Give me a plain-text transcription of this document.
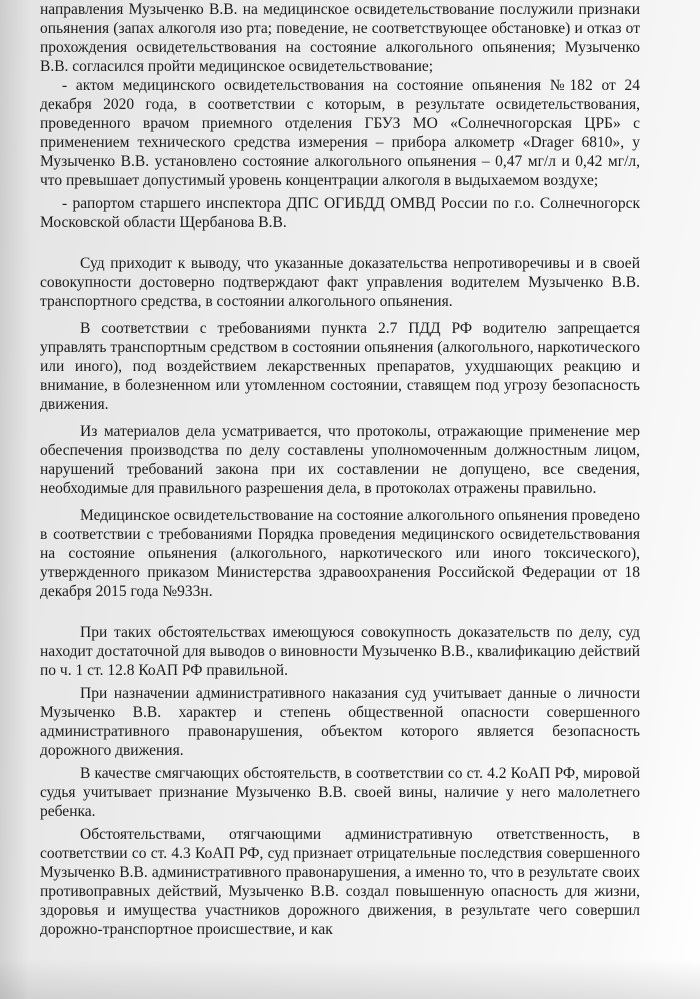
направления Музыченко В.В. на медицинское освидетельствование послужили признаки опьянения (запах алкоголя изо рта; поведение, не соответствующее обстановке) и отказ от прохождения освидетельствования на состояние алкогольного опьянения; Музыченко В.В. согласился пройти медицинское освидетельствование;

- актом медицинского освидетельствования на состояние опьянения №182 от 24 декабря 2020 года, в соответствии с которым, в результате освидетельствования, проведенного врачом приемного отделения ГБУЗ МО «Солнечногорская ЦРБ» с применением технического средства измерения – прибора алкометр «Drager 6810», у Музыченко В.В. установлено состояние алкогольного опьянения – 0,47 мг/л и 0,42 мг/л, что превышает допустимый уровень концентрации алкоголя в выдыхаемом воздухе;

- рапортом старшего инспектора ДПС ОГИБДД ОМВД России по г.о. Солнечногорск Московской области Щербанова В.В.

Суд приходит к выводу, что указанные доказательства непротиворечивы и в своей совокупности достоверно подтверждают факт управления водителем Музыченко В.В. транспортного средства, в состоянии алкогольного опьянения.

В соответствии с требованиями пункта 2.7 ПДД РФ водителю запрещается управлять транспортным средством в состоянии опьянения (алкогольного, наркотического или иного), под воздействием лекарственных препаратов, ухудшающих реакцию и внимание, в болезненном или утомленном состоянии, ставящем под угрозу безопасность движения.

Из материалов дела усматривается, что протоколы, отражающие применение мер обеспечения производства по делу составлены уполномоченным должностным лицом, нарушений требований закона при их составлении не допущено, все сведения, необходимые для правильного разрешения дела, в протоколах отражены правильно.

Медицинское освидетельствование на состояние алкогольного опьянения проведено в соответствии с требованиями Порядка проведения медицинского освидетельствования на состояние опьянения (алкогольного, наркотического или иного токсического), утвержденного приказом Министерства здравоохранения Российской Федерации от 18 декабря 2015 года №933н.

При таких обстоятельствах имеющуюся совокупность доказательств по делу, суд находит достаточной для выводов о виновности Музыченко В.В., квалификацию действий по ч. 1 ст. 12.8 КоАП РФ правильной.

При назначении административного наказания суд учитывает данные о личности Музыченко В.В. характер и степень общественной опасности совершенного административного правонарушения, объектом которого является безопасность дорожного движения.

В качестве смягчающих обстоятельств, в соответствии со ст. 4.2 КоАП РФ, мировой судья учитывает признание Музыченко В.В. своей вины, наличие у него малолетнего ребенка.

Обстоятельствами, отягчающими административную ответственность, в соответствии со ст. 4.3 КоАП РФ, суд признает отрицательные последствия совершенного Музыченко В.В. административного правонарушения, а именно то, что в результате своих противоправных действий, Музыченко В.В. создал повышенную опасность для жизни, здоровья и имущества участников дорожного движения, в результате чего совершил дорожно-транспортное происшествие, и как
